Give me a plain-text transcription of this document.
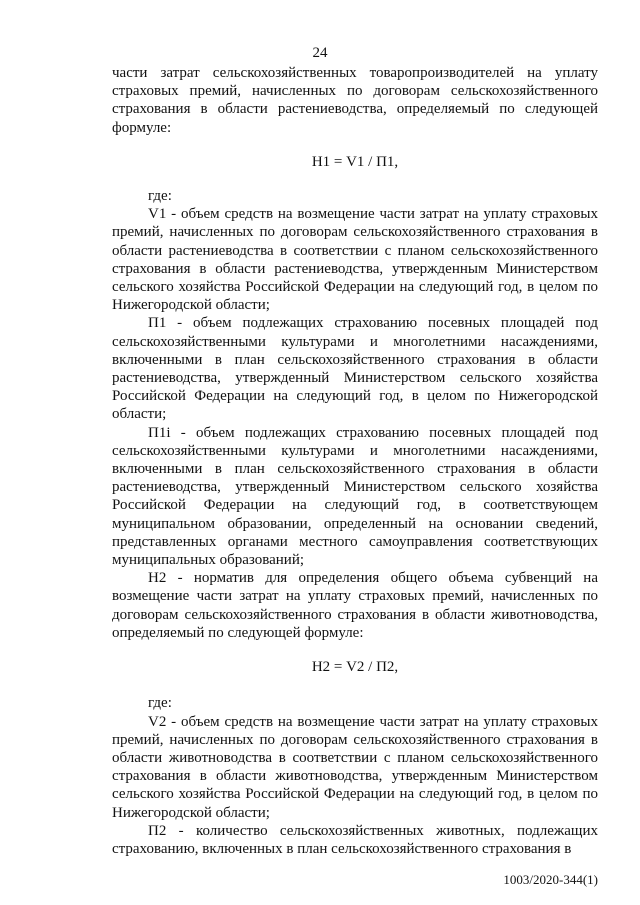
24

части затрат сельскохозяйственных товаропроизводителей на уплату страховых премий, начисленных по договорам сельскохозяйственного страхования в области растениеводства, определяемый по следующей формуле:

Н1 = V1 / П1,

где:

V1 - объем средств на возмещение части затрат на уплату страховых премий, начисленных по договорам сельскохозяйственного страхования в области растениеводства в соответствии с планом сельскохозяйственного страхования в области растениеводства, утвержденным Министерством сельского хозяйства Российской Федерации на следующий год, в целом по Нижегородской области;

П1 - объем подлежащих страхованию посевных площадей под сельскохозяйственными культурами и многолетними насаждениями, включенными в план сельскохозяйственного страхования в области растениеводства, утвержденный Министерством сельского хозяйства Российской Федерации на следующий год, в целом по Нижегородской области;

П1i - объем подлежащих страхованию посевных площадей под сельскохозяйственными культурами и многолетними насаждениями, включенными в план сельскохозяйственного страхования в области растениеводства, утвержденный Министерством сельского хозяйства Российской Федерации на следующий год, в соответствующем муниципальном образовании, определенный на основании сведений, представленных органами местного самоуправления соответствующих муниципальных образований;

Н2 - норматив для определения общего объема субвенций на возмещение части затрат на уплату страховых премий, начисленных по договорам сельскохозяйственного страхования в области животноводства, определяемый по следующей формуле:

Н2 = V2 / П2,

где:

V2 - объем средств на возмещение части затрат на уплату страховых премий, начисленных по договорам сельскохозяйственного страхования в области животноводства в соответствии с планом сельскохозяйственного страхования в области животноводства, утвержденным Министерством сельского хозяйства Российской Федерации на следующий год, в целом по Нижегородской области;

П2 - количество сельскохозяйственных животных, подлежащих страхованию, включенных в план сельскохозяйственного страхования в

1003/2020-344(1)
